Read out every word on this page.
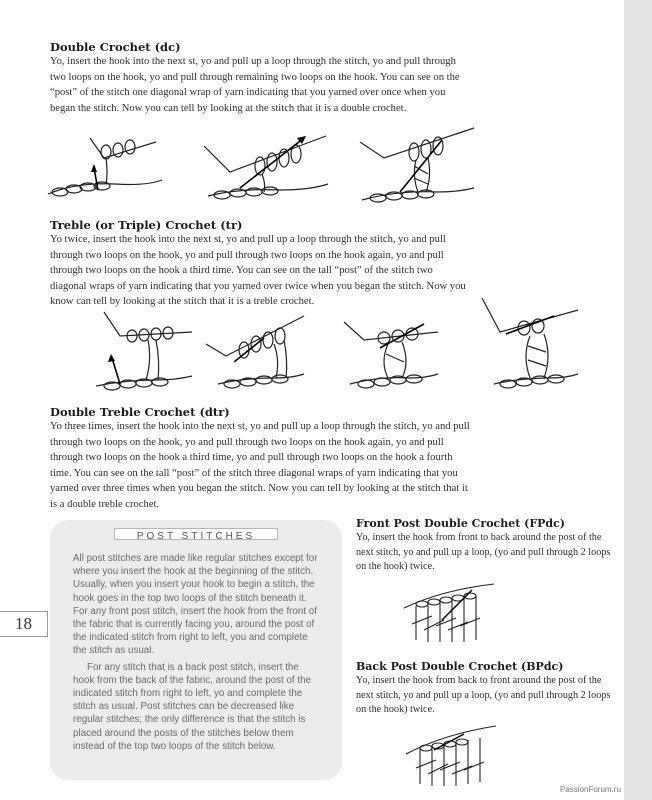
18
Double Crochet (dc)

Yo, insert the hook into the next st, yo and pull up a loop through the stitch, yo and pull through two loops on the hook, yo and pull through remaining two loops on the hook. You can see on the “post” of the stitch one diagonal wrap of yarn indicating that you yarned over once when you began the stitch. Now you can tell by looking at the stitch that it is a double crochet.

Treble (or Triple) Crochet (tr)

Yo twice, insert the hook into the next st, yo and pull up a loop through the stitch, yo and pull through two loops on the hook, yo and pull through two loops on the hook again, yo and pull through two loops on the hook a third time. You can see on the tall “post” of the stitch two diagonal wraps of yarn indicating that you yarned over twice when you began the stitch. Now you know can tell by looking at the stitch that it is a treble crochet.

Double Treble Crochet (dtr)

Yo three times, insert the hook into the next st, yo and pull up a loop through the stitch, yo and pull through two loops on the hook, yo and pull through two loops on the hook again, yo and pull through two loops on the hook a third time, yo and pull through two loops on the hook a fourth time. You can see on the tall “post” of the stitch three diagonal wraps of yarn indicating that you yarned over three times when you began the stitch. Now you can tell by looking at the stitch that it is a double treble crochet.

POST STITCHES

All post stitches are made like regular stitches except for where you insert the hook at the beginning of the stitch. Usually, when you insert your hook to begin a stitch, the hook goes in the top two loops of the stitch beneath it. For any front post stitch, insert the hook from the front of the fabric that is currently facing you, around the post of the indicated stitch from right to left, you and complete the stitch as usual.

For any stitch that is a back post stitch, insert the hook from the back of the fabric, around the post of the indicated stitch from right to left, yo and complete the stitch as usual. Post stitches can be decreased like regular stitches; the only difference is that the stitch is placed around the posts of the stitches below them instead of the top two loops of the stitch below.

Front Post Double Crochet (FPdc)

Yo, insert the hook from front to back around the post of the next stitch, yo and pull up a loop, (yo and pull through 2 loops on the hook) twice.

Back Post Double Crochet (BPdc)

Yo, insert the hook from back to front around the post of the next stitch, yo and pull up a loop, (yo and pull through 2 loops on the hook) twice.

PassionForum.ru
